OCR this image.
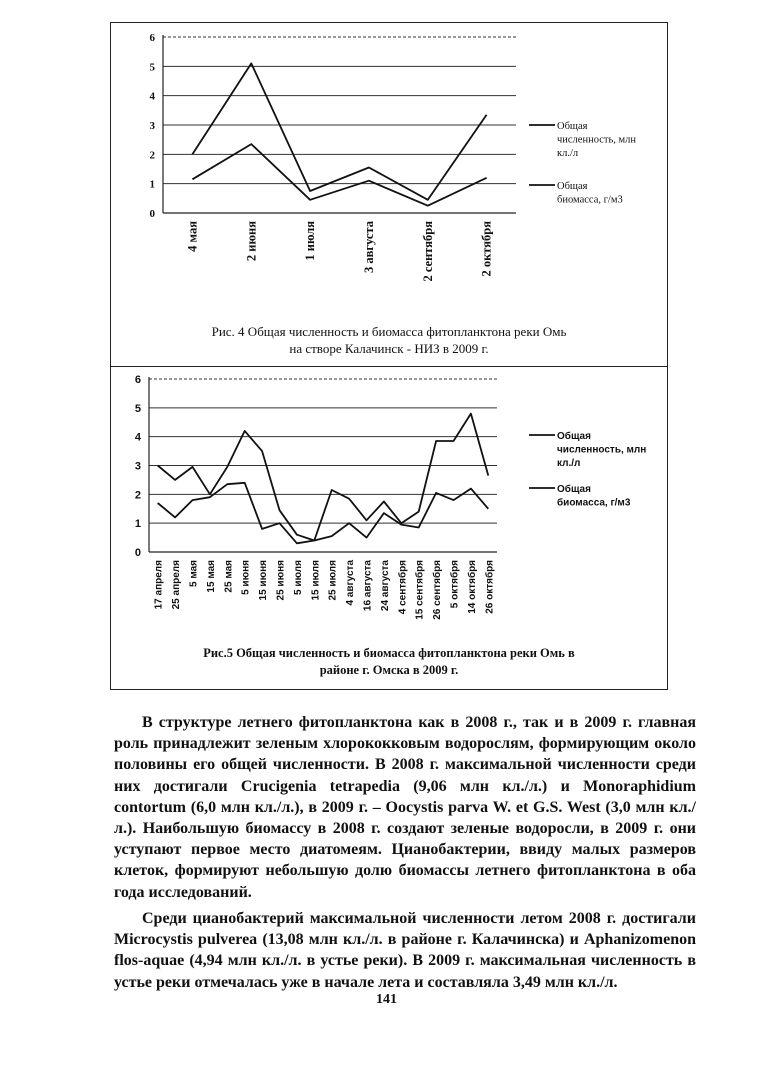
0
1
2
3
4
5
6
4 мая	2 июня	1 июля	3 августа	2 сентября	2 октября
Общая
численность, млн
кл./л
Общая
биомасса, г/м3
Рис. 4 Общая численность и биомасса фитопланктона реки Омь
на створе Калачинск - НИЗ в 2009 г.
0
1
2
3
4
5
6
17 апреля 25 апреля 5 мая 15 мая 25 мая 5 июня 15 июня 25 июня 5 июля 15 июля 25 июля 4 августа 16 августа 24 августа 4 сентября 15 сентября 26 сентября 5 октября 14 октября 26 октября
Общая
численность, млн
кл./л
Общая
биомасса, г/м3
Рис.5 Общая численность и биомасса фитопланктона реки Омь в
районе г. Омска в 2009 г.

В структуре летнего фитопланктона как в 2008 г., так и в 2009 г. главная роль принадлежит зеленым хлорококковым водорослям, формирующим около половины его общей численности. В 2008 г. максимальной численности среди них достигали Crucigenia tetrapedia (9,06 млн кл./л.) и Monoraphidium contortum (6,0 млн кл./л.), в 2009 г. – Oocystis parva W. et G.S. West (3,0 млн кл./л.). Наибольшую биомассу в 2008 г. создают зеленые водоросли, в 2009 г. они уступают первое место диатомеям. Цианобактерии, ввиду малых размеров клеток, формируют небольшую долю биомассы летнего фитопланктона в оба года исследований.

Среди цианобактерий максимальной численности летом 2008 г. достигали Microcystis pulverea (13,08 млн кл./л. в районе г. Калачинска) и Aphanizomenon flos-aquae (4,94 млн кл./л. в устье реки). В 2009 г. максимальная численность в устье реки отмечалась уже в начале лета и составляла 3,49 млн кл./л.

141
